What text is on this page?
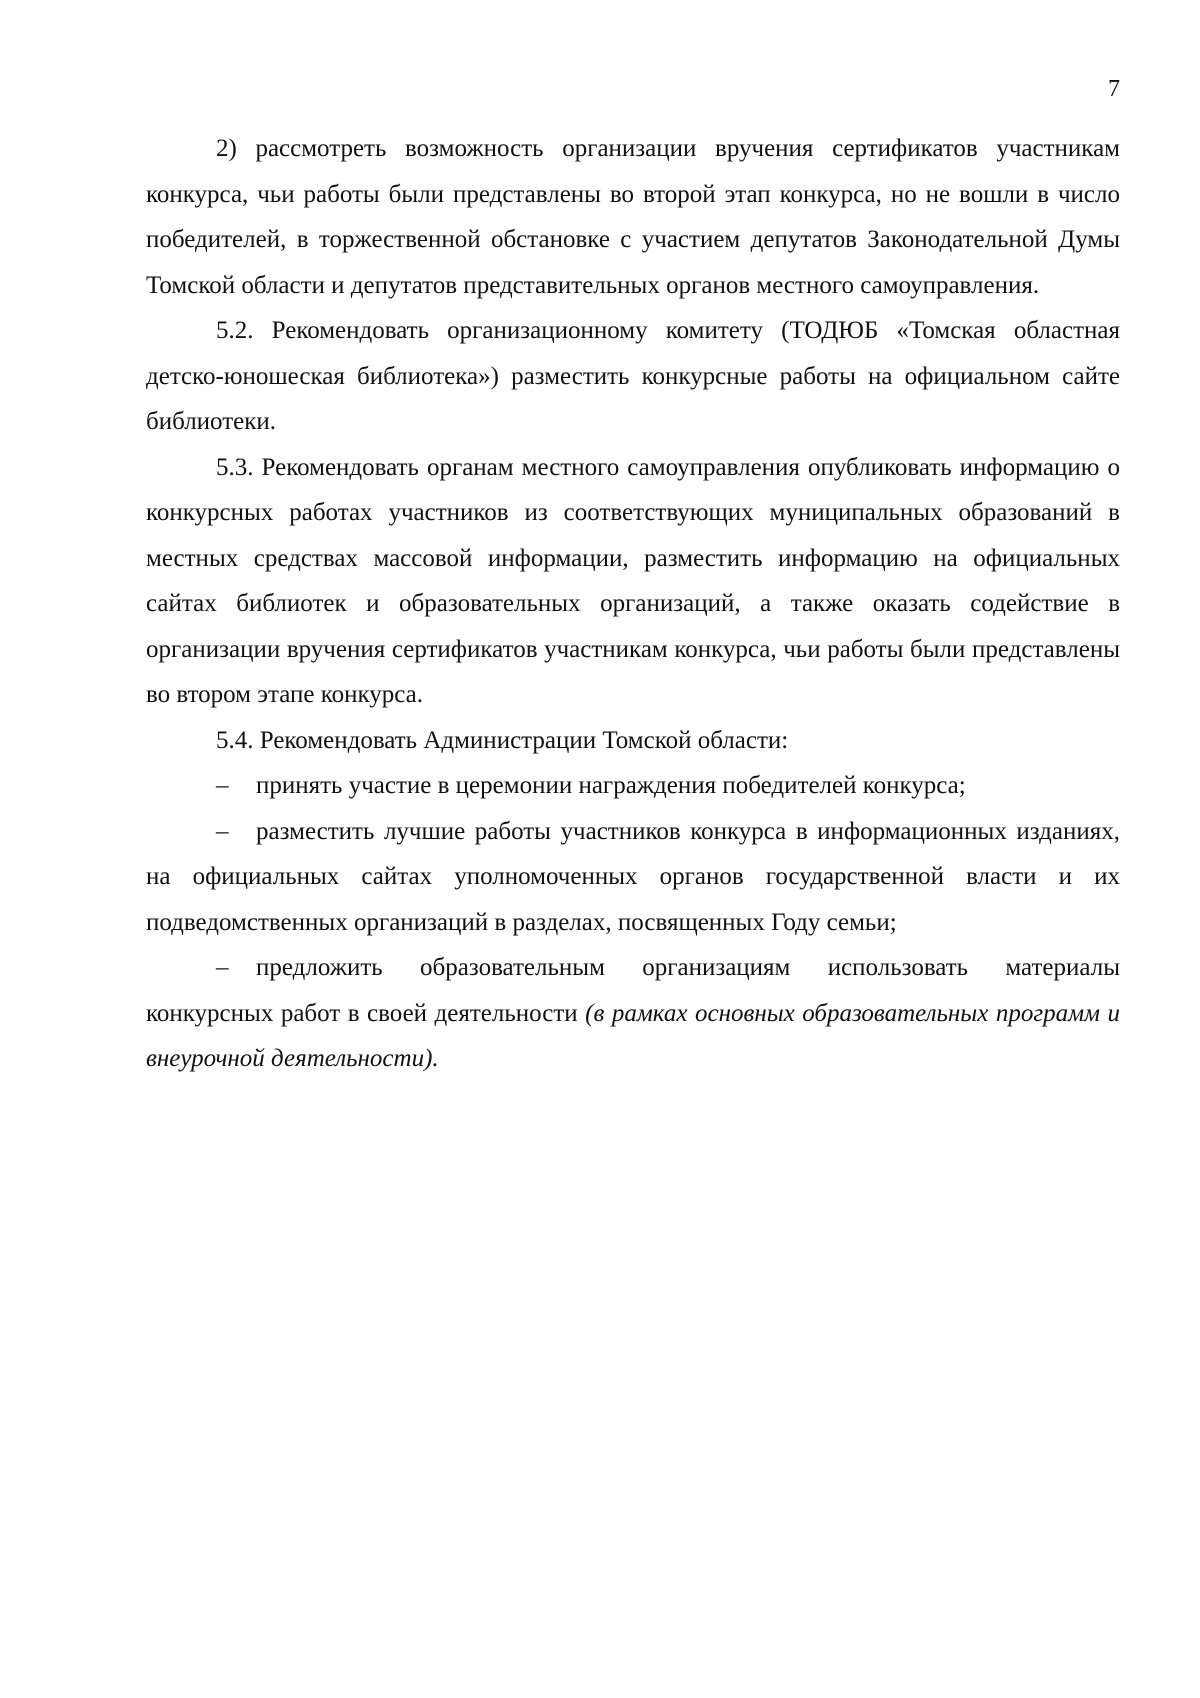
7

2) рассмотреть возможность организации вручения сертификатов участникам конкурса, чьи работы были представлены во второй этап конкурса, но не вошли в число победителей, в торжественной обстановке с участием депутатов Законодательной Думы Томской области и депутатов представительных органов местного самоуправления.

5.2. Рекомендовать организационному комитету (ТОДЮБ «Томская областная детско-юношеская библиотека») разместить конкурсные работы на официальном сайте библиотеки.

5.3. Рекомендовать органам местного самоуправления опубликовать информацию о конкурсных работах участников из соответствующих муниципальных образований в местных средствах массовой информации, разместить информацию на официальных сайтах библиотек и образовательных организаций, а также оказать содействие в организации вручения сертификатов участникам конкурса, чьи работы были представлены во втором этапе конкурса.

5.4. Рекомендовать Администрации Томской области:

– принять участие в церемонии награждения победителей конкурса;

– разместить лучшие работы участников конкурса в информационных изданиях, на официальных сайтах уполномоченных органов государственной власти и их подведомственных организаций в разделах, посвященных Году семьи;

– предложить образовательным организациям использовать материалы конкурсных работ в своей деятельности (в рамках основных образовательных программ и внеурочной деятельности).
